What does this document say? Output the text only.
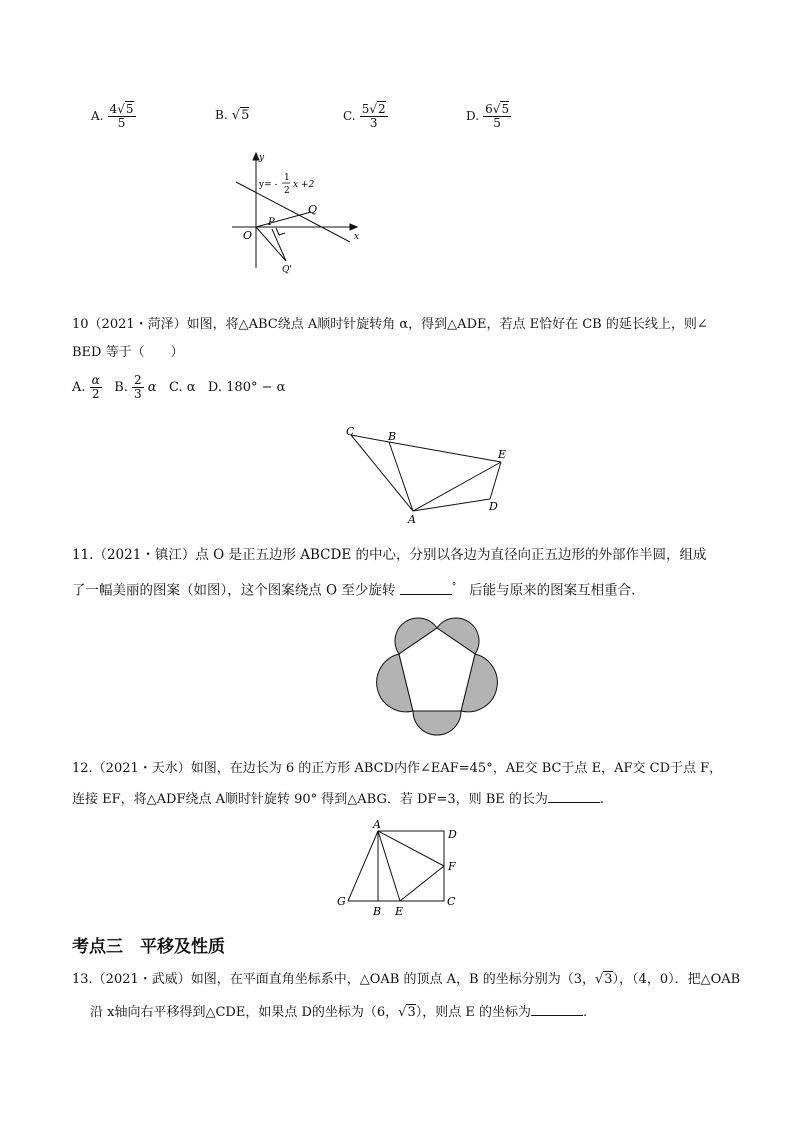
A. $\frac{4√5}{5}$	B. √5	C. $\frac{5√2}{3}$	D. $\frac{6√5}{5}$
y
x
O
y= -
1
2
x +2
P
Q
Q'
10（2021・菏泽）如图，将△ABC绕点 A顺时针旋转角 α，得到△ADE，若点 E恰好在 CB 的延长线上，则∠
BED 等于（　　）
A. $\frac{\alpha}{2} B$. $\frac{2}{3}$ α C. α D. 180° − α
C	B
E
D
A
11.（2021・镇江）点 O 是正五边形 ABCDE 的中心，分别以各边为直径向正五边形的外部作半圆，组成
了一幅美丽的图案（如图），这个图案绕点 O 至少旋转	° 后能与原来的图案互相重合.
12.（2021・天水）如图，在边长为 6 的正方形 ABCD内作∠EAF=45°，AE交 BC于点 E，AF交 CD于点 F，
连接 EF，将△ADF绕点 A顺时针旋转 90° 得到△ABG．若 DF=3，则 BE 的长为	.
A
D
F
G
B E
C
考点三　平移及性质
13.（2021・武威）如图，在平面直角坐标系中，△OAB 的顶点 A，B 的坐标分别为（3，√3），（4，0）．把△OAB
沿 x轴向右平移得到△CDE，如果点 D的坐标为（6，√3），则点 E 的坐标为	.
